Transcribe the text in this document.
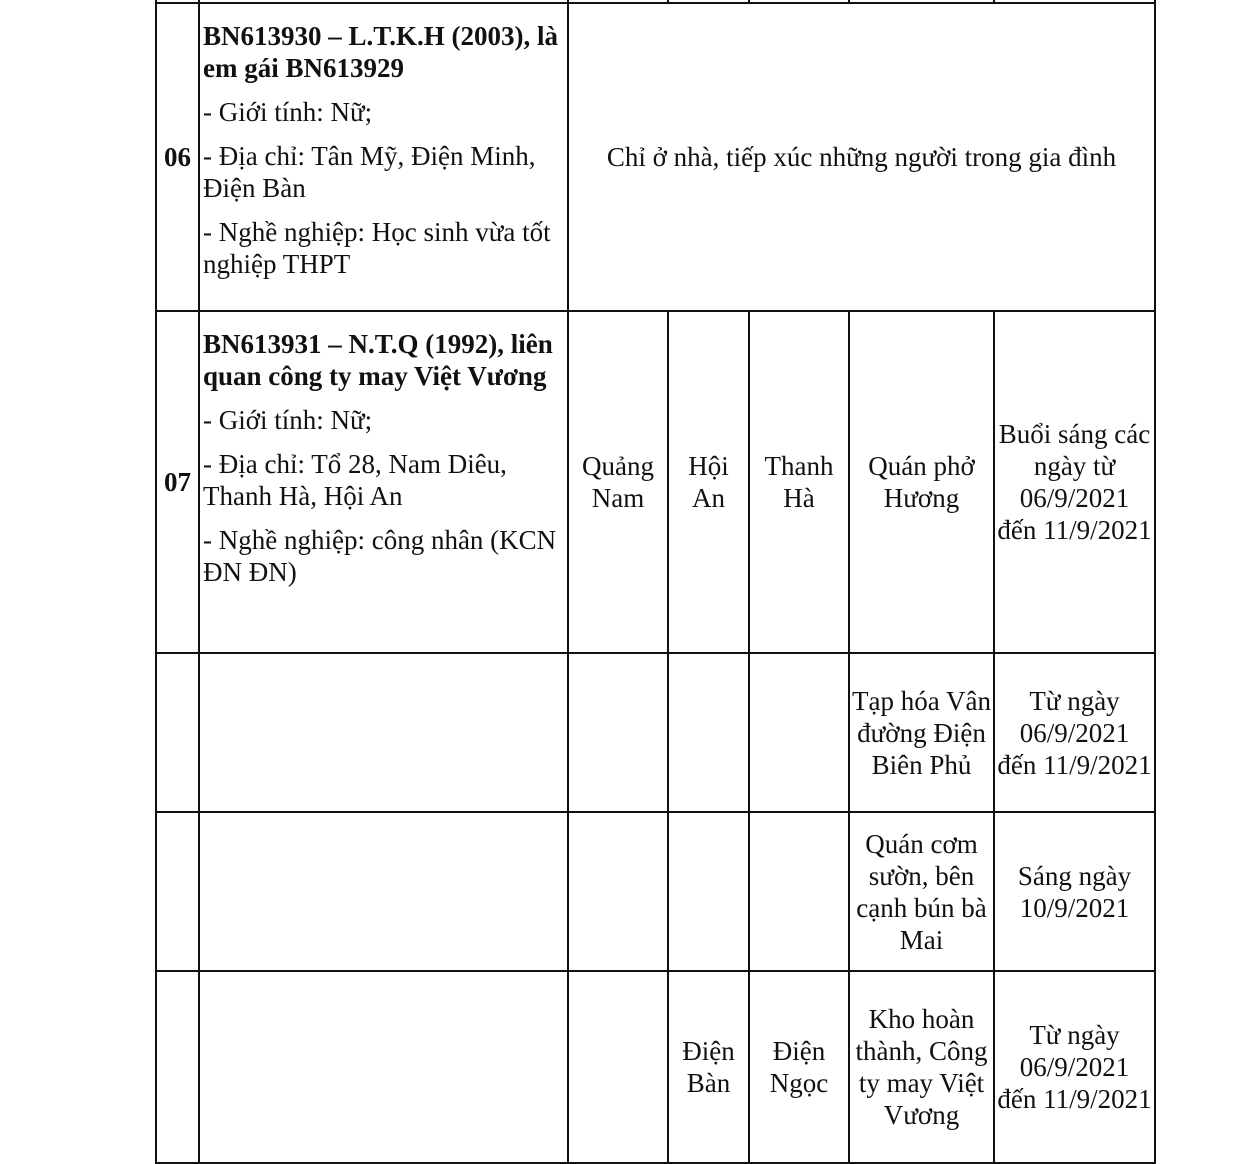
06	BN613930 – L.T.K.H (2003), là em gái BN613929
- Giới tính: Nữ;
- Địa chỉ: Tân Mỹ, Điện Minh, Điện Bàn
- Nghề nghiệp: Học sinh vừa tốt nghiệp THPT	Chỉ ở nhà, tiếp xúc những người trong gia đình				
07	BN613931 – N.T.Q (1992), liên quan công ty may Việt Vương
- Giới tính: Nữ;
- Địa chỉ: Tổ 28, Nam Diêu, Thanh Hà, Hội An
- Nghề nghiệp: công nhân (KCN ĐN ĐN)	Quảng Nam	Hội An	Thanh Hà	Quán phở Hương	Buổi sáng các ngày từ 06/9/2021 đến 11/9/2021
					Tạp hóa Vân đường Điện Biên Phủ	Từ ngày 06/9/2021 đến 11/9/2021
					Quán cơm sườn, bên cạnh bún bà Mai	Sáng ngày 10/9/2021
			Điện Bàn	Điện Ngọc	Kho hoàn thành, Công ty may Việt Vương	Từ ngày 06/9/2021 đến 11/9/2021
